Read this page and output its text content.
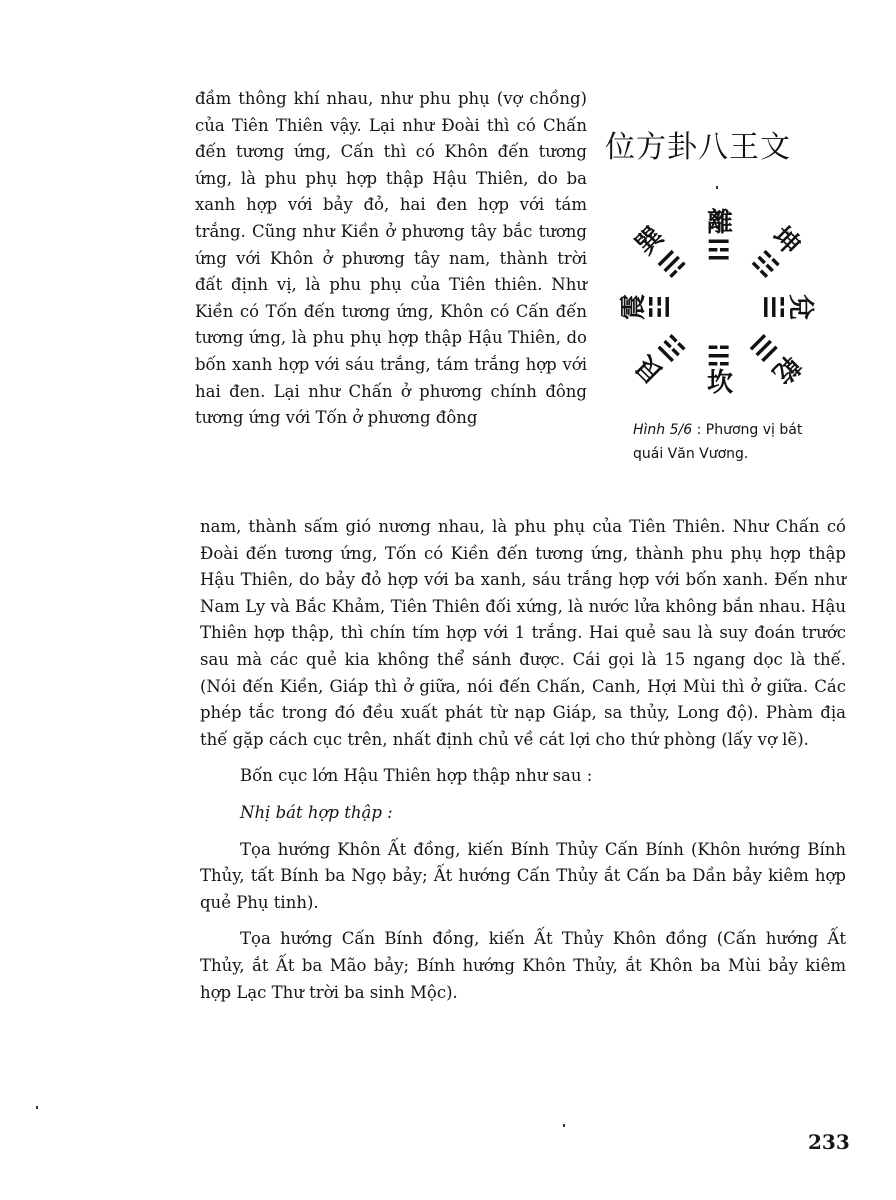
đầm thông khí nhau, như phu phụ (vợ chồng) của Tiên Thiên vậy. Lại như Đoài thì có Chấn đến tương ứng, Cấn thì có Khôn đến tương ứng, là phu phụ hợp thập Hậu Thiên, do ba xanh hợp với bảy đỏ, hai đen hợp với tám trắng. Cũng như Kiền ở phương tây bắc tương ứng với Khôn ở phương tây nam, thành trời đất định vị, là phu phụ của Tiên thiên. Như Kiền có Tốn đến tương ứng, Khôn có Cấn đến tương ứng, là phu phụ hợp thập Hậu Thiên, do bốn xanh hợp với sáu trắng, tám trắng hợp với hai đen. Lại như Chấn ở phương chính đông tương ứng với Tốn ở phương đông

位方卦八王文
離
☲ 坤
☷
兌
☱
乾
☰
坎
☵
艮
☶
震
☳
巽
☴
Hình 5/6 : Phương vị bát quái Văn Vương.

nam, thành sấm gió nương nhau, là phu phụ của Tiên Thiên. Như Chấn có Đoài đến tương ứng, Tốn có Kiền đến tương ứng, thành phu phụ hợp thập Hậu Thiên, do bảy đỏ hợp với ba xanh, sáu trắng hợp với bốn xanh. Đến như Nam Ly và Bắc Khảm, Tiên Thiên đối xứng, là nước lửa không bắn nhau. Hậu Thiên hợp thập, thì chín tím hợp với 1 trắng. Hai quẻ sau là suy đoán trước sau mà các quẻ kia không thể sánh được. Cái gọi là 15 ngang dọc là thế. (Nói đến Kiền, Giáp thì ở giữa, nói đến Chấn, Canh, Hợi Mùi thì ở giữa. Các phép tắc trong đó đều xuất phát từ nạp Giáp, sa thủy, Long độ). Phàm địa thế gặp cách cục trên, nhất định chủ về cát lợi cho thứ phòng (lấy vợ lẽ).

Bốn cục lớn Hậu Thiên hợp thập như sau :

Nhị bát hợp thập :

Tọa hướng Khôn Ất đồng, kiến Bính Thủy Cấn Bính (Khôn hướng Bính Thủy, tất Bính ba Ngọ bảy; Ất hướng Cấn Thủy ắt Cấn ba Dần bảy kiêm hợp quẻ Phụ tinh).

Tọa hướng Cấn Bính đồng, kiến Ất Thủy Khôn đồng (Cấn hướng Ất Thủy, ắt Ất ba Mão bảy; Bính hướng Khôn Thủy, ắt Khôn ba Mùi bảy kiêm hợp Lạc Thư trời ba sinh Mộc).

233
